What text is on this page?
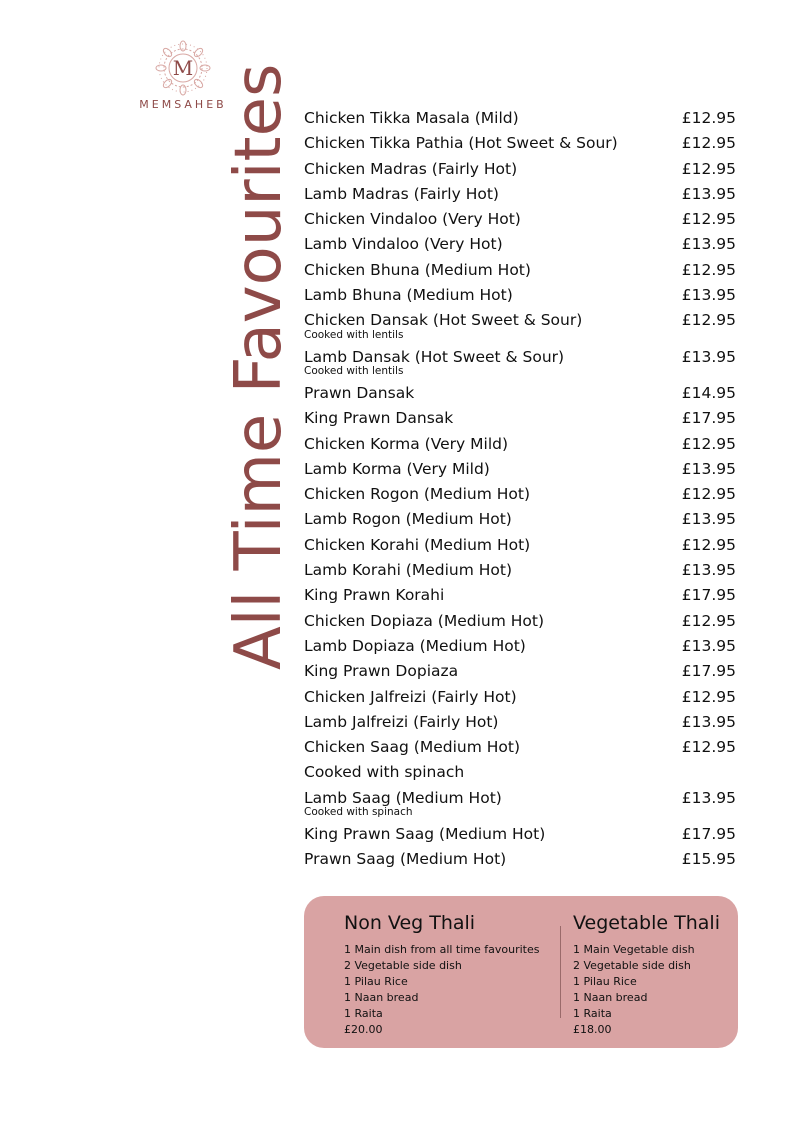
M
MEMSAHEB
All Time Favourites Chicken Tikka Masala (Mild)	£12.95
Chicken Tikka Pathia (Hot Sweet & Sour)	£12.95
Chicken Madras (Fairly Hot)	£12.95
Lamb Madras (Fairly Hot)	£13.95
Chicken Vindaloo (Very Hot)	£12.95
Lamb Vindaloo (Very Hot)	£13.95
Chicken Bhuna (Medium Hot)	£12.95
Lamb Bhuna (Medium Hot)	£13.95
Chicken Dansak (Hot Sweet & Sour)	£12.95
Cooked with lentils
Lamb Dansak (Hot Sweet & Sour)	£13.95
Cooked with lentils
Prawn Dansak	£14.95
King Prawn Dansak	£17.95
Chicken Korma (Very Mild)	£12.95
Lamb Korma (Very Mild)	£13.95
Chicken Rogon (Medium Hot)	£12.95
Lamb Rogon (Medium Hot)	£13.95
Chicken Korahi (Medium Hot)	£12.95
Lamb Korahi (Medium Hot)	£13.95
King Prawn Korahi	£17.95
Chicken Dopiaza (Medium Hot)	£12.95
Lamb Dopiaza (Medium Hot)	£13.95
King Prawn Dopiaza	£17.95
Chicken Jalfreizi (Fairly Hot)	£12.95
Lamb Jalfreizi (Fairly Hot)	£13.95
Chicken Saag (Medium Hot)	£12.95
Cooked with spinach
Lamb Saag (Medium Hot)	£13.95
Cooked with spinach
King Prawn Saag (Medium Hot)	£17.95
Prawn Saag (Medium Hot)	£15.95
Non Veg Thali
1 Main dish from all time favourites
2 Vegetable side dish
1 Pilau Rice
1 Naan bread
1 Raita
£20.00
Vegetable Thali
1 Main Vegetable dish
2 Vegetable side dish
1 Pilau Rice
1 Naan bread
1 Raita
£18.00
